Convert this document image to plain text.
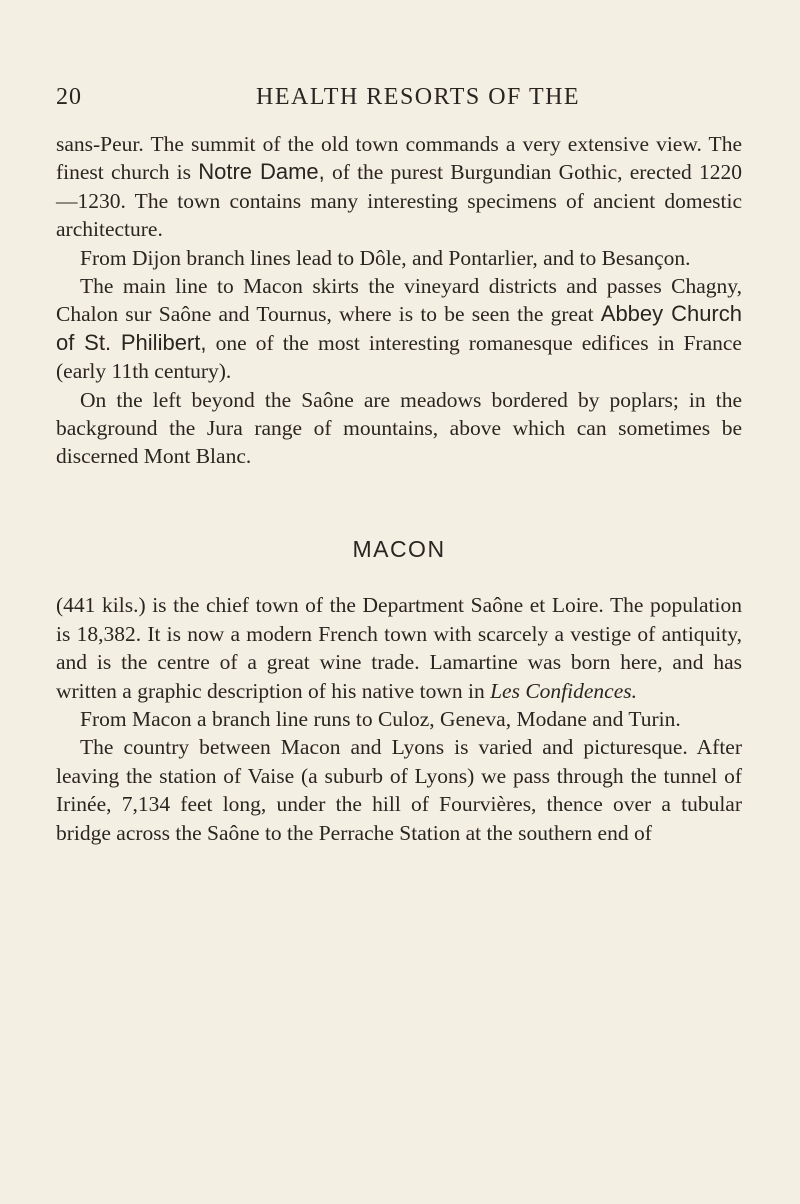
20	HEALTH RESORTS OF THE

sans-Peur. The summit of the old town commands a very extensive view. The finest church is Notre Dame, of the purest Burgundian Gothic, erected 1220—1230. The town contains many interesting specimens of ancient domestic architecture.

From Dijon branch lines lead to Dôle, and Pontarlier, and to Besançon.

The main line to Macon skirts the vineyard districts and passes Chagny, Chalon sur Saône and Tournus, where is to be seen the great Abbey Church of St. Philibert, one of the most interesting romanesque edifices in France (early 11th century).

On the left beyond the Saône are meadows bordered by poplars; in the background the Jura range of mountains, above which can sometimes be discerned Mont Blanc.

MACON

(441 kils.) is the chief town of the Department Saône et Loire. The population is 18,382. It is now a modern French town with scarcely a vestige of antiquity, and is the centre of a great wine trade. Lamartine was born here, and has written a graphic description of his native town in Les Confidences.

From Macon a branch line runs to Culoz, Geneva, Modane and Turin.

The country between Macon and Lyons is varied and picturesque. After leaving the station of Vaise (a suburb of Lyons) we pass through the tunnel of Irinée, 7,134 feet long, under the hill of Fourvières, thence over a tubular bridge across the Saône to the Perrache Station at the southern end of
